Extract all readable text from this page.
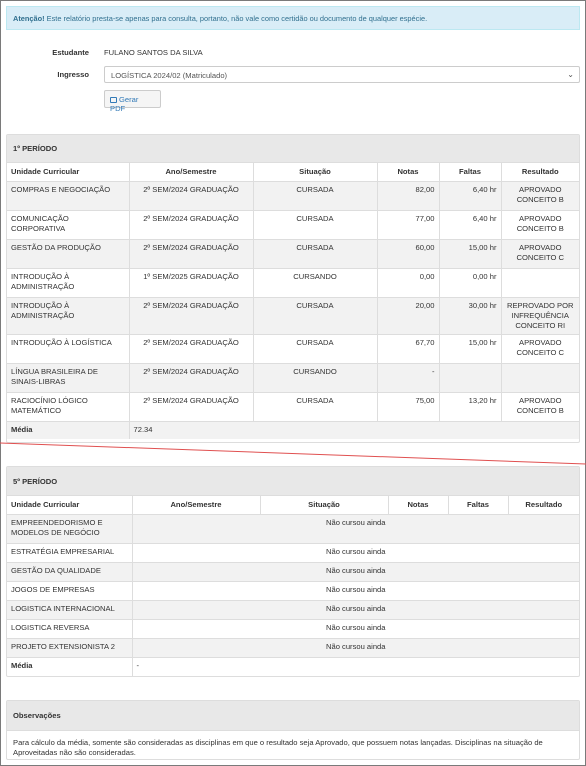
Atenção! Este relatório presta-se apenas para consulta, portanto, não vale como certidão ou documento de qualquer espécie.
Estudante FULANO SANTOS DA SILVA
Ingresso	LOGÍSTICA 2024/02 (Matriculado)	⌄
Gerar PDF
1º PERÍODO
Unidade Curricular	Ano/Semestre	Situação	Notas	Faltas	Resultado
COMPRAS E NEGOCIAÇÃO	2º SEM/2024 GRADUAÇÃO	CURSADA	82,00	6,40 hr	APROVADO CONCEITO B
COMUNICAÇÃO CORPORATIVA	2º SEM/2024 GRADUAÇÃO	CURSADA	77,00	6,40 hr	APROVADO CONCEITO B
GESTÃO DA PRODUÇÃO	2º SEM/2024 GRADUAÇÃO	CURSADA	60,00	15,00 hr	APROVADO CONCEITO C
INTRODUÇÃO À ADMINISTRAÇÃO	1º SEM/2025 GRADUAÇÃO	CURSANDO	0,00	0,00 hr	
INTRODUÇÃO À ADMINISTRAÇÃO	2º SEM/2024 GRADUAÇÃO	CURSADA	20,00	30,00 hr	REPROVADO POR INFREQUÊNCIA CONCEITO RI
INTRODUÇÃO À LOGÍSTICA	2º SEM/2024 GRADUAÇÃO	CURSADA	67,70	15,00 hr	APROVADO CONCEITO C
LÍNGUA BRASILEIRA DE SINAIS-LIBRAS	2º SEM/2024 GRADUAÇÃO	CURSANDO	-		
RACIOCÍNIO LÓGICO MATEMÁTICO	2º SEM/2024 GRADUAÇÃO	CURSADA	75,00	13,20 hr	APROVADO CONCEITO B
Média	72.34				
5º PERÍODO
Unidade Curricular	Ano/Semestre	Situação	Notas	Faltas	Resultado
EMPREENDEDORISMO E MODELOS DE NEGÓCIO	Não cursou ainda				
ESTRATÉGIA EMPRESARIAL	Não cursou ainda				
GESTÃO DA QUALIDADE	Não cursou ainda				
JOGOS DE EMPRESAS	Não cursou ainda				
LOGISTICA INTERNACIONAL	Não cursou ainda				
LOGISTICA REVERSA	Não cursou ainda				
PROJETO EXTENSIONISTA 2	Não cursou ainda				
Média	-				
Observações
Para cálculo da média, somente são consideradas as disciplinas em que o resultado seja Aprovado, que possuem notas lançadas. Disciplinas na situação de Aproveitadas não são consideradas.
